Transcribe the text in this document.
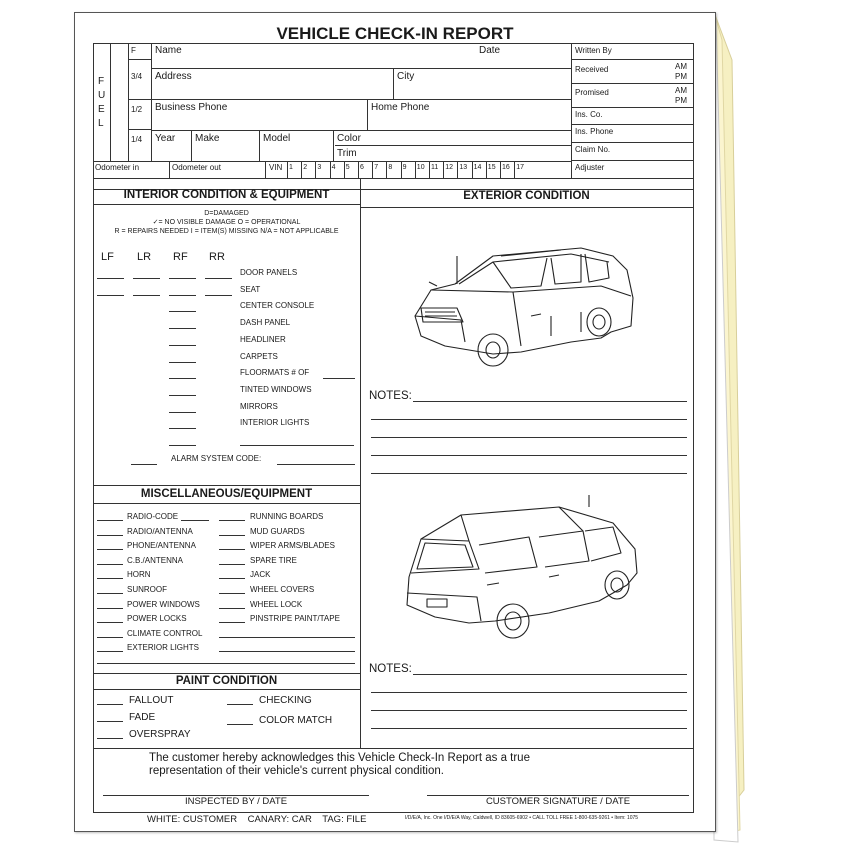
VEHICLE CHECK-IN REPORT
F
U
E
L
F
3/4
1/2
1/4
Name	Date
Address	City
Business Phone	Home Phone
Year Make	Model	Color
Trim
Odometer in	Odometer out	VIN 1 2 3 4 5 6 7 8 9 10 11 12 13 14 15 16 17
Written By
Received	AM
PM
Promised	AM
PM
Ins. Co.
Ins. Phone
Claim No.
Adjuster
INTERIOR CONDITION & EQUIPMENT	EXTERIOR CONDITION
D=DAMAGED
✓= NO VISIBLE DAMAGE O = OPERATIONAL
R = REPAIRS NEEDED I = ITEM(S) MISSING N/A = NOT APPLICABLE
LF LR RF RR
DOOR PANELS
SEAT
CENTER CONSOLE
DASH PANEL
HEADLINER
CARPETS
FLOORMATS # OF
TINTED WINDOWS
MIRRORS
INTERIOR LIGHTS
ALARM SYSTEM CODE:
MISCELLANEOUS/EQUIPMENT
RADIO-CODE
RADIO/ANTENNA
PHONE/ANTENNA
C.B./ANTENNA
HORN
SUNROOF
POWER WINDOWS
POWER LOCKS
CLIMATE CONTROL
EXTERIOR LIGHTS
RUNNING BOARDS
MUD GUARDS
WIPER ARMS/BLADES
SPARE TIRE
JACK
WHEEL COVERS
WHEEL LOCK
PINSTRIPE PAINT/TAPE
PAINT CONDITION
FALLOUT
FADE
OVERSPRAY
CHECKING
COLOR MATCH
NOTES:
NOTES:
The customer hereby acknowledges this Vehicle Check-In Report as a true
representation of their vehicle's current physical condition.
INSPECTED BY / DATE	CUSTOMER SIGNATURE / DATE
WHITE: CUSTOMER    CANARY: CAR    TAG: FILE	I/D/E/A, Inc. One I/D/E/A Way, Caldwell, ID 83605-6902 • CALL TOLL FREE 1-800-635-9261 • Item: 1075
